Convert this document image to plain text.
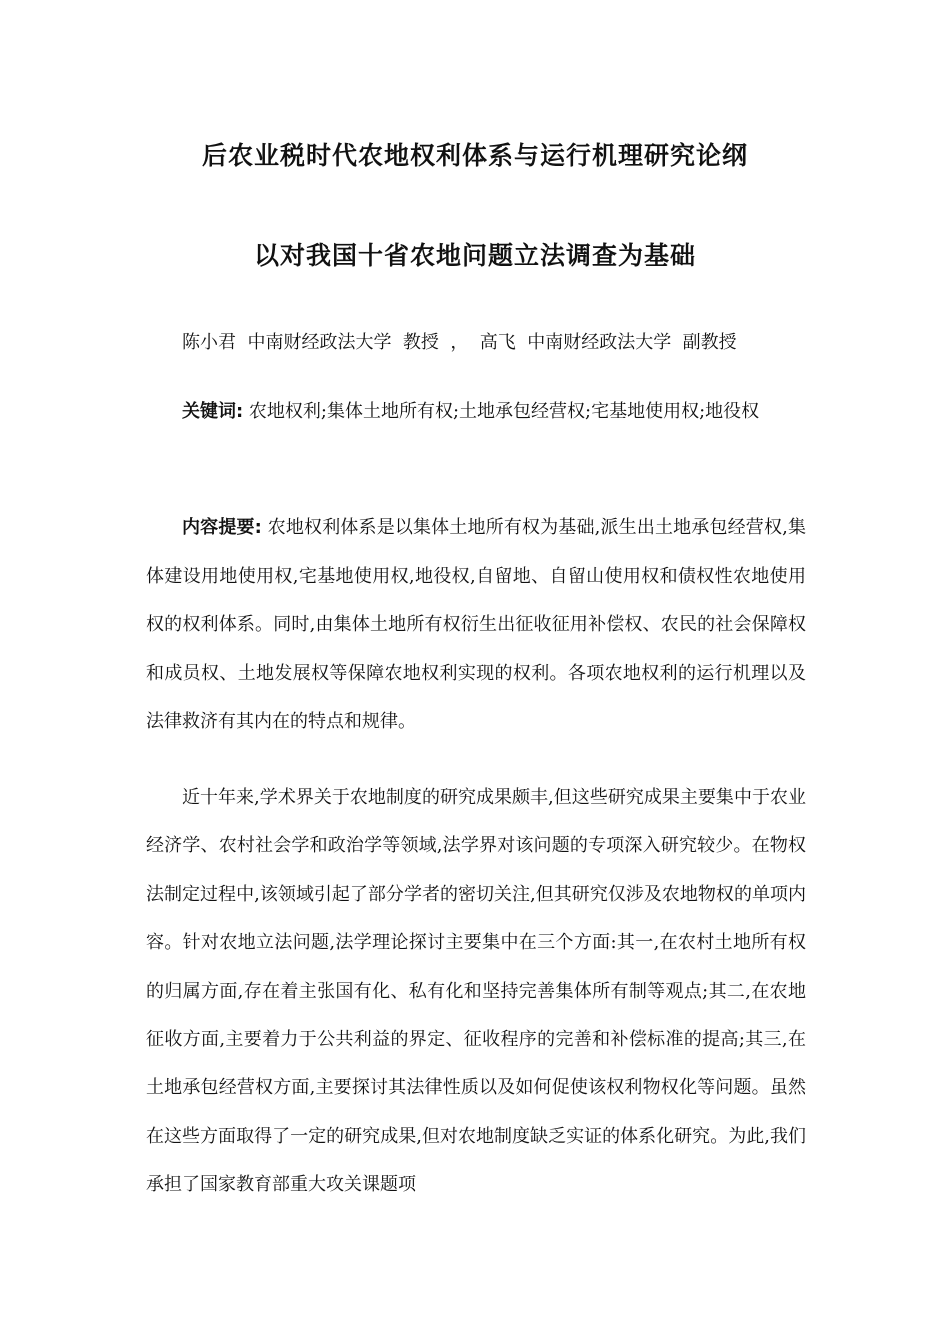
后农业税时代农地权利体系与运行机理研究论纲
以对我国十省农地问题立法调查为基础

陈小君  中南财经政法大学  教授  ，  高飞  中南财经政法大学  副教授

关键词: 农地权利;集体土地所有权;土地承包经营权;宅基地使用权;地役权

内容提要: 农地权利体系是以集体土地所有权为基础,派生出土地承包经营权,集体建设用地使用权,宅基地使用权,地役权,自留地、自留山使用权和债权性农地使用权的权利体系。同时,由集体土地所有权衍生出征收征用补偿权、农民的社会保障权和成员权、土地发展权等保障农地权利实现的权利。各项农地权利的运行机理以及法律救济有其内在的特点和规律。

近十年来,学术界关于农地制度的研究成果颇丰,但这些研究成果主要集中于农业经济学、农村社会学和政治学等领域,法学界对该问题的专项深入研究较少。在物权法制定过程中,该领域引起了部分学者的密切关注,但其研究仅涉及农地物权的单项内容。针对农地立法问题,法学理论探讨主要集中在三个方面:其一,在农村土地所有权的归属方面,存在着主张国有化、私有化和坚持完善集体所有制等观点;其二,在农地征收方面,主要着力于公共利益的界定、征收程序的完善和补偿标准的提高;其三,在土地承包经营权方面,主要探讨其法律性质以及如何促使该权利物权化等问题。虽然在这些方面取得了一定的研究成果,但对农地制度缺乏实证的体系化研究。为此,我们承担了国家教育部重大攻关课题项
